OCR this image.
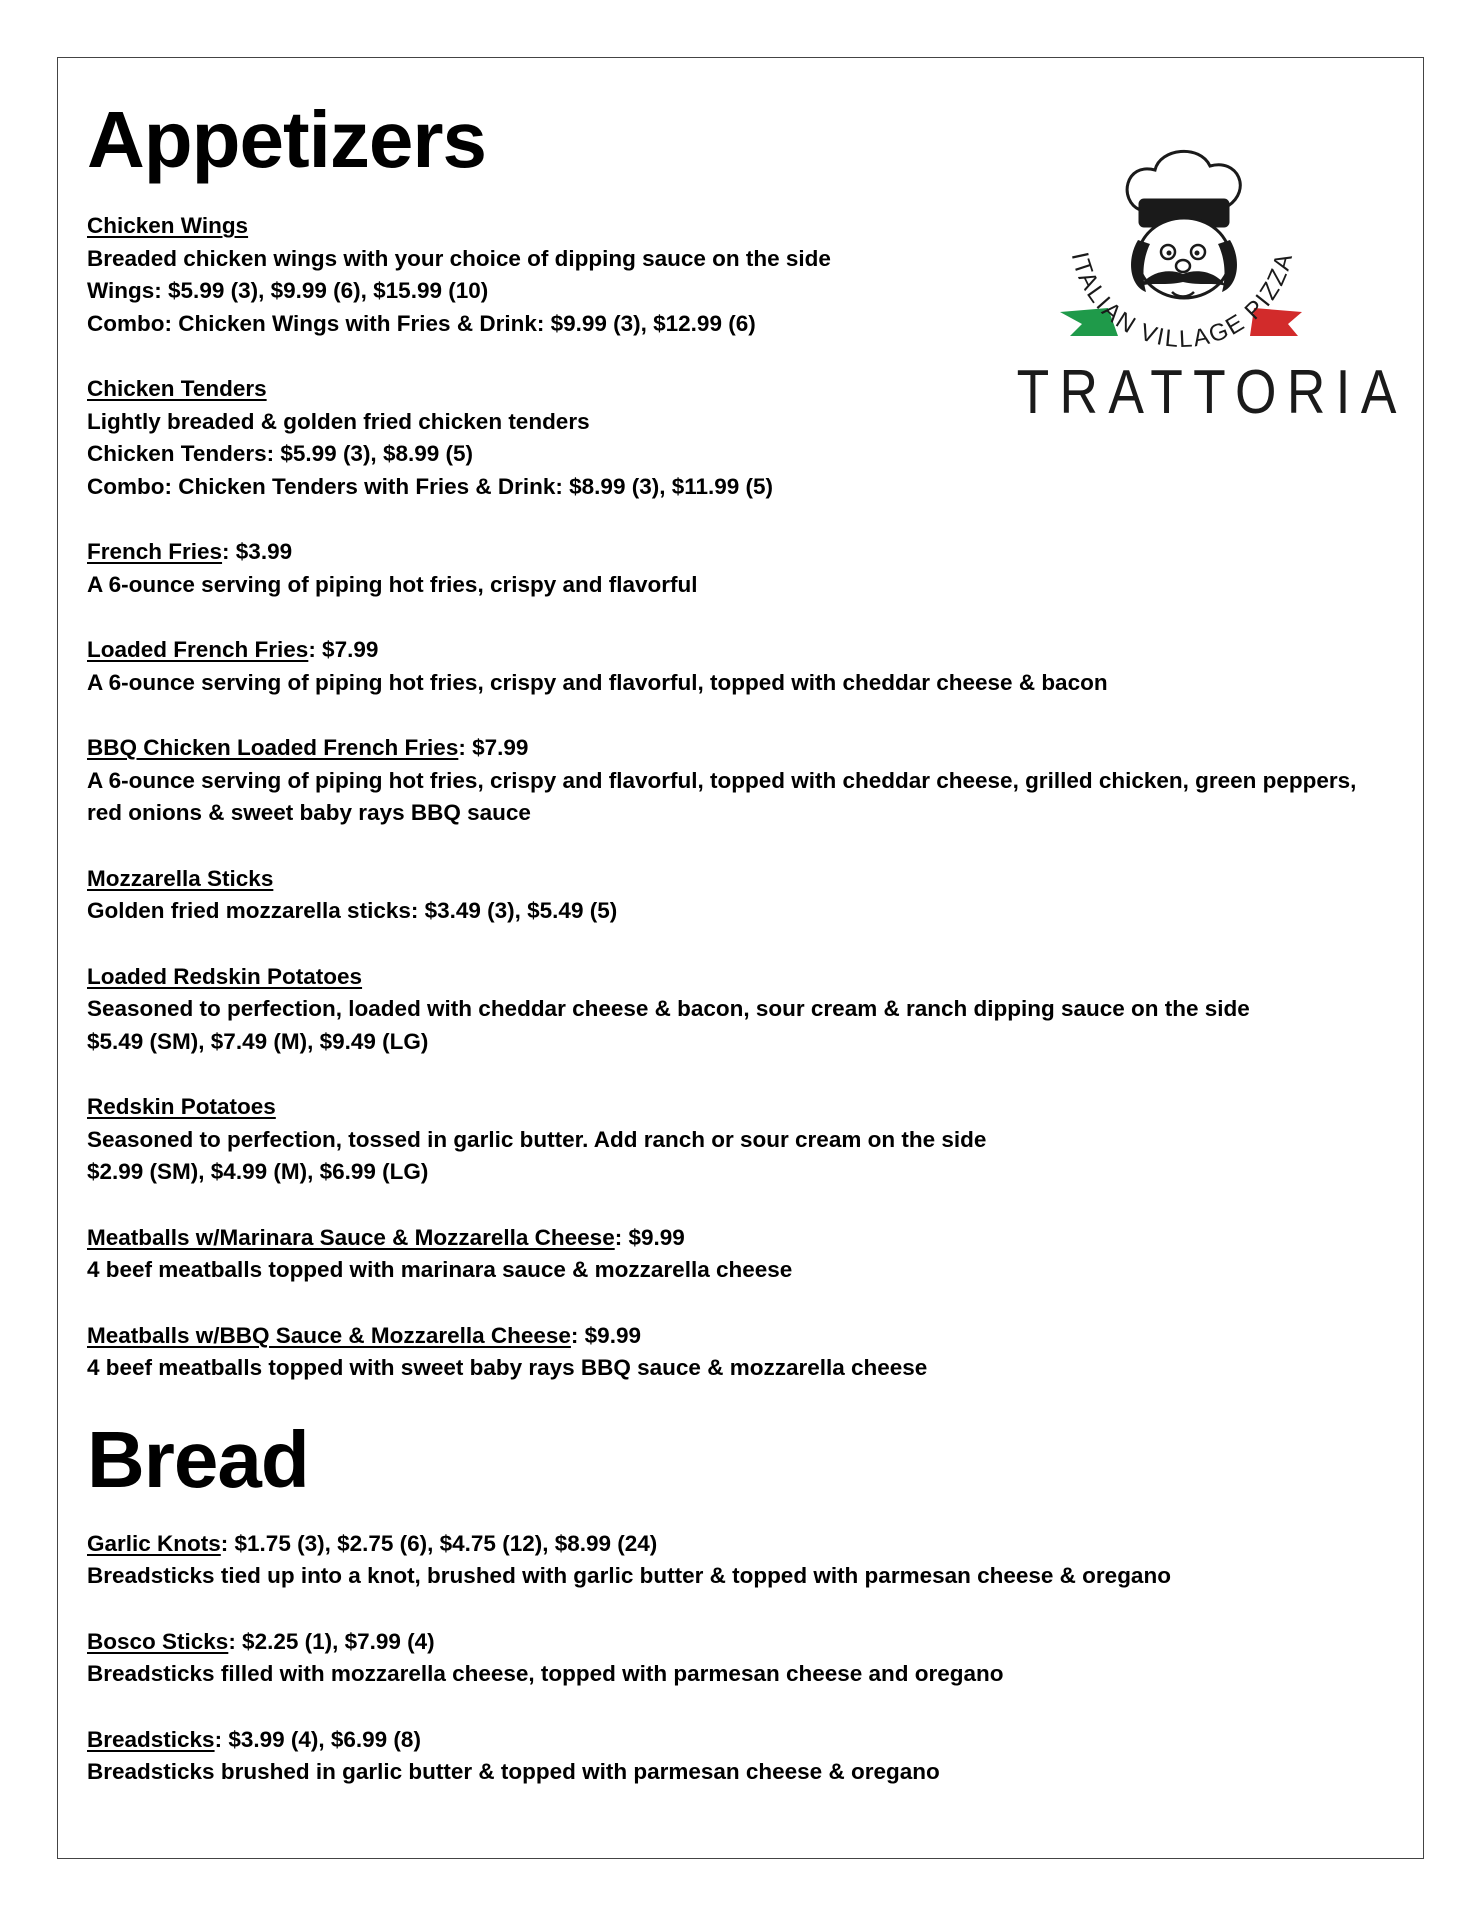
Appetizers
Chicken Wings
Breaded chicken wings with your choice of dipping sauce on the side
Wings: $5.99 (3), $9.99 (6), $15.99 (10)
Combo: Chicken Wings with Fries & Drink: $9.99 (3), $12.99 (6)
Chicken Tenders
Lightly breaded & golden fried chicken tenders
Chicken Tenders: $5.99 (3), $8.99 (5)
Combo: Chicken Tenders with Fries & Drink: $8.99 (3), $11.99 (5)
French Fries: $3.99
A 6-ounce serving of piping hot fries, crispy and flavorful
Loaded French Fries: $7.99
A 6-ounce serving of piping hot fries, crispy and flavorful, topped with cheddar cheese & bacon
BBQ Chicken Loaded French Fries: $7.99
A 6-ounce serving of piping hot fries, crispy and flavorful, topped with cheddar cheese, grilled chicken, green peppers, red onions & sweet baby rays BBQ sauce
Mozzarella Sticks
Golden fried mozzarella sticks: $3.49 (3), $5.49 (5)
Loaded Redskin Potatoes
Seasoned to perfection, loaded with cheddar cheese & bacon, sour cream & ranch dipping sauce on the side
$5.49 (SM), $7.49 (M), $9.49 (LG)
Redskin Potatoes
Seasoned to perfection, tossed in garlic butter. Add ranch or sour cream on the side
$2.99 (SM), $4.99 (M), $6.99 (LG)
Meatballs w/Marinara Sauce & Mozzarella Cheese: $9.99
4 beef meatballs topped with marinara sauce & mozzarella cheese
Meatballs w/BBQ Sauce & Mozzarella Cheese: $9.99
4 beef meatballs topped with sweet baby rays BBQ sauce & mozzarella cheese
Bread
Garlic Knots: $1.75 (3), $2.75 (6), $4.75 (12), $8.99 (24)
Breadsticks tied up into a knot, brushed with garlic butter & topped with parmesan cheese & oregano
Bosco Sticks: $2.25 (1), $7.99 (4)
Breadsticks filled with mozzarella cheese, topped with parmesan cheese and oregano
Breadsticks: $3.99 (4), $6.99 (8)
Breadsticks brushed in garlic butter & topped with parmesan cheese & oregano
ITALIAN VILLAGE PIZZA
TRATTORIA
